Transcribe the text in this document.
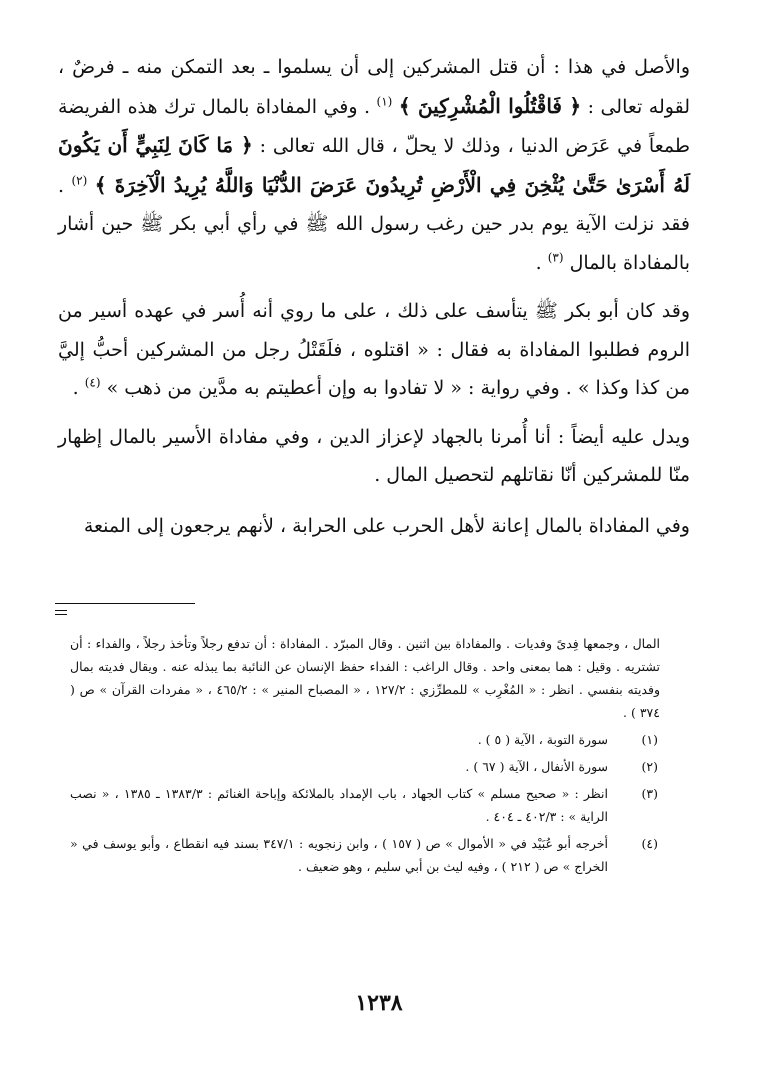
والأصل في هذا : أن قتل المشركين إلى أن يسلموا ـ بعد التمكن منه ـ فرضٌ ، لقوله تعالى : ﴿ فَاقْتُلُوا الْمُشْرِكِينَ ﴾ $^{(١)}$ . وفي المفاداة بالمال ترك هذه الفريضة طمعاً في عَرَض الدنيا ، وذلك لا يحلّ ، قال الله تعالى : ﴿ مَا كَانَ لِنَبِيٍّ أَن يَكُونَ لَهُ أَسْرَىٰ حَتَّىٰ يُثْخِنَ فِي الْأَرْضِ تُرِيدُونَ عَرَضَ الدُّنْيَا وَاللَّهُ يُرِيدُ الْآخِرَةَ ﴾ $^{(٢)}$ . فقد نزلت الآية يوم بدر حين رغب رسول الله ﷺ في رأي أبي بكر ﷺ حين أشار بالمفاداة بالمال $^{(٣)}$ .

وقد كان أبو بكر ﷺ يتأسف على ذلك ، على ما روي أنه أُسر في عهده أسير من الروم فطلبوا المفاداة به فقال : « اقتلوه ، فلَقَتْلُ رجل من المشركين أحبُّ إليَّ من كذا وكذا » . وفي رواية : « لا تفادوا به وإن أعطيتم به مدَّين من ذهب » $^{(٤)}$ .

ويدل عليه أيضاً : أنا أُمرنا بالجهاد لإعزاز الدين ، وفي مفاداة الأسير بالمال إظهار منّا للمشركين أنّا نقاتلهم لتحصيل المال .

وفي المفاداة بالمال إعانة لأهل الحرب على الحرابة ، لأنهم يرجعون إلى المنعة

المال ، وجمعها فِدىً وفديات . والمفاداة بين اثنين . وقال المبرّد . المفاداة : أن تدفع رجلاً وتأخذ رجلاً ، والفداء : أن تشتريه . وقيل : هما بمعنى واحد . وقال الراغب : الفداء حفظ الإنسان عن النائبة بما يبذله عنه . ويقال فديته بمال وفديته بنفسي . انظر : « المُغْرِب » للمطرِّزي : ١٢٧/٢ ، « المصباح المنير » : ٤٦٥/٢ ، « مفردات القرآن » ص ( ٣٧٤ ) .

(١)
سورة التوبة ، الآية ( ٥ ) .
(٢)
سورة الأنفال ، الآية ( ٦٧ ) .
(٣)
انظر : « صحيح مسلم » كتاب الجهاد ، باب الإمداد بالملائكة وإباحة الغنائم : ١٣٨٣/٣ ـ ١٣٨٥ ، « نصب الراية » : ٤٠٢/٣ ـ ٤٠٤ .
(٤)
أخرجه أبو عُبَيْد في « الأموال » ص ( ١٥٧ ) ، وابن زنجويه : ٣٤٧/١ بسند فيه انقطاع ، وأبو يوسف في « الخراج » ص ( ٢١٢ ) ، وفيه ليث بن أبي سليم ، وهو ضعيف .
١٢٣٨
